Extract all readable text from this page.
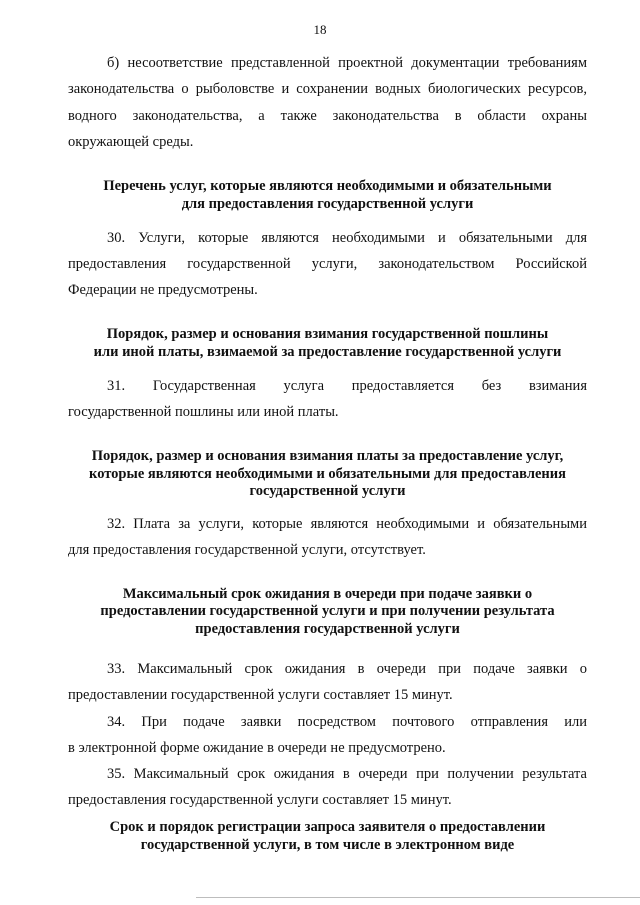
18
б) несоответствие представленной проектной документации требованиям
законодательства о рыболовстве и сохранении водных биологических ресурсов,
водного законодательства, а также законодательства в области охраны
окружающей среды.
Перечень услуг, которые являются необходимыми и обязательными
для предоставления государственной услуги
30. Услуги, которые являются необходимыми и обязательными для
предоставления государственной услуги, законодательством Российской
Федерации не предусмотрены.
Порядок, размер и основания взимания государственной пошлины
или иной платы, взимаемой за предоставление государственной услуги
31. Государственная услуга предоставляется без взимания
государственной пошлины или иной платы.
Порядок, размер и основания взимания платы за предоставление услуг,
которые являются необходимыми и обязательными для предоставления
государственной услуги
32. Плата за услуги, которые являются необходимыми и обязательными
для предоставления государственной услуги, отсутствует.
Максимальный срок ожидания в очереди при подаче заявки о
предоставлении государственной услуги и при получении результата
предоставления государственной услуги
33. Максимальный срок ожидания в очереди при подаче заявки о
предоставлении государственной услуги составляет 15 минут.
34. При подаче заявки посредством почтового отправления или
в электронной форме ожидание в очереди не предусмотрено.
35. Максимальный срок ожидания в очереди при получении результата
предоставления государственной услуги составляет 15 минут.
Срок и порядок регистрации запроса заявителя о предоставлении
государственной услуги, в том числе в электронном виде
